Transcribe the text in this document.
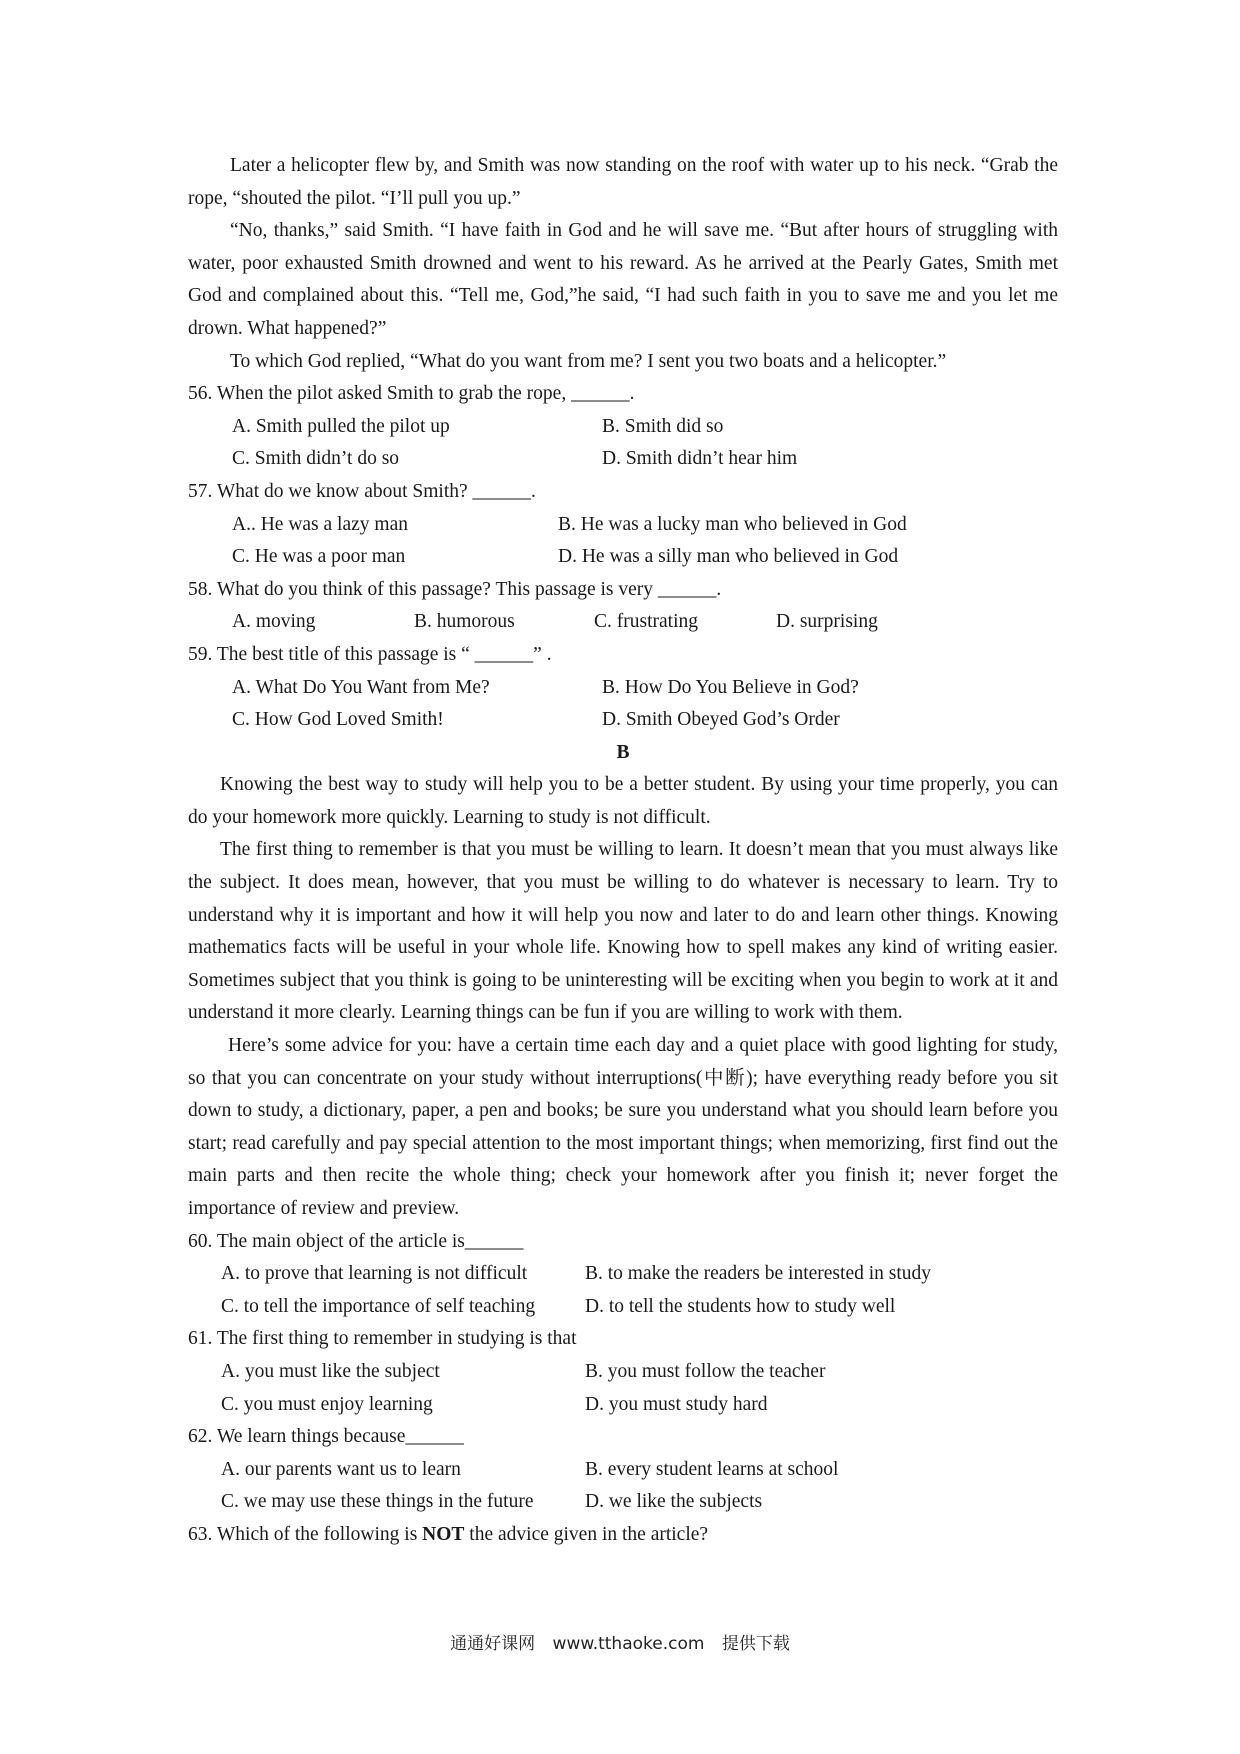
Later a helicopter flew by, and Smith was now standing on the roof with water up to his neck. “Grab the rope, “shouted the pilot. “I’ll pull you up.”

“No, thanks,” said Smith. “I have faith in God and he will save me. “But after hours of struggling with water, poor exhausted Smith drowned and went to his reward. As he arrived at the Pearly Gates, Smith met God and complained about this. “Tell me, God,”he said, “I had such faith in you to save me and you let me drown. What happened?”

To which God replied, “What do you want from me? I sent you two boats and a helicopter.”

56. When the pilot asked Smith to grab the rope, ______.

A. Smith pulled the pilot up	B. Smith did so
C. Smith didn’t do so	D. Smith didn’t hear him

57. What do we know about Smith? ______.

A.. He was a lazy man	B. He was a lucky man who believed in God
C. He was a poor man	D. He was a silly man who believed in God

58. What do you think of this passage? This passage is very ______.

A. moving	B. humorous	C. frustrating	D. surprising

59. The best title of this passage is “ ______” .

A. What Do You Want from Me?	B. How Do You Believe in God?
C. How God Loved Smith!	D. Smith Obeyed God’s Order
B

Knowing the best way to study will help you to be a better student. By using your time properly, you can do your homework more quickly. Learning to study is not difficult.

The first thing to remember is that you must be willing to learn. It doesn’t mean that you must always like the subject. It does mean, however, that you must be willing to do whatever is necessary to learn. Try to understand why it is important and how it will help you now and later to do and learn other things. Knowing mathematics facts will be useful in your whole life. Knowing how to spell makes any kind of writing easier. Sometimes subject that you think is going to be uninteresting will be exciting when you begin to work at it and understand it more clearly. Learning things can be fun if you are willing to work with them.

Here’s some advice for you: have a certain time each day and a quiet place with good lighting for study, so that you can concentrate on your study without interruptions(中断); have everything ready before you sit down to study, a dictionary, paper, a pen and books; be sure you understand what you should learn before you start; read carefully and pay special attention to the most important things; when memorizing, first find out the main parts and then recite the whole thing; check your homework after you finish it; never forget the importance of review and preview.

60. The main object of the article is______

A. to prove that learning is not difficult	B. to make the readers be interested in study
C. to tell the importance of self teaching	D. to tell the students how to study well

61. The first thing to remember in studying is that

A. you must like the subject	B. you must follow the teacher
C. you must enjoy learning	D. you must study hard

62. We learn things because______

A. our parents want us to learn	B. every student learns at school
C. we may use these things in the future	D. we like the subjects

63. Which of the following is NOT the advice given in the article?

通通好课网 www.tthaoke.com 提供下载
